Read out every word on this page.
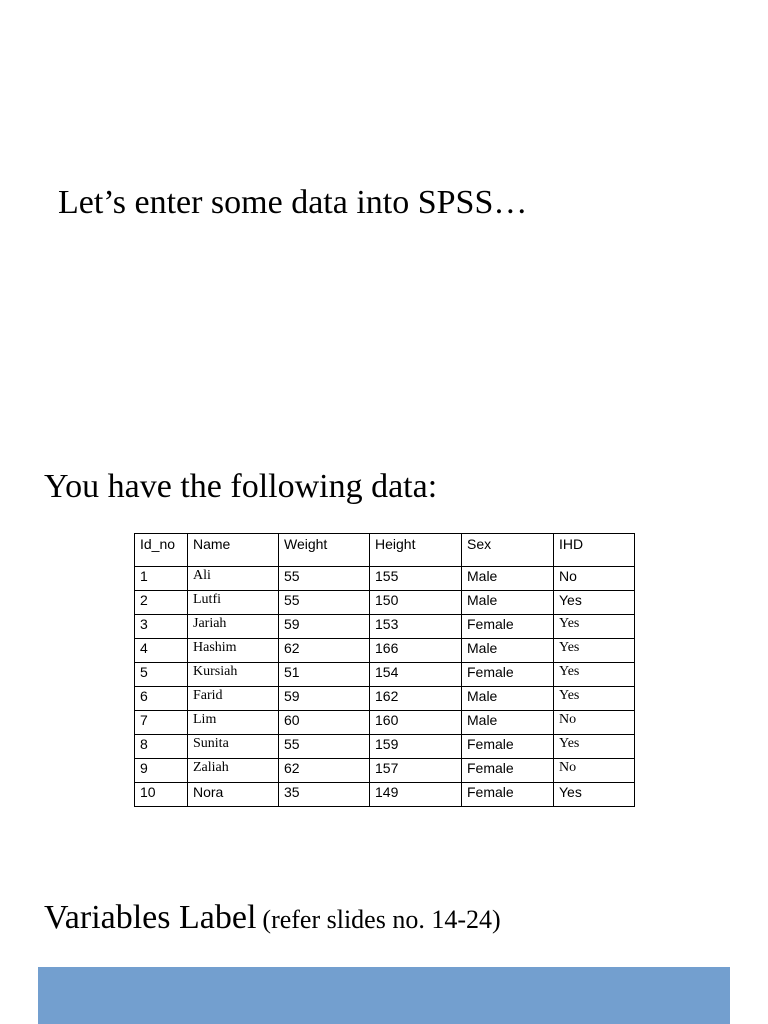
Let’s enter some data into SPSS…
You have the following data:
Id_no	Name	Weight	Height	Sex	IHD
1	Ali	55	155	Male	No
2	Lutfi	55	150	Male	Yes
3	Jariah	59	153	Female	Yes
4	Hashim	62	166	Male	Yes
5	Kursiah	51	154	Female	Yes
6	Farid	59	162	Male	Yes
7	Lim	60	160	Male	No
8	Sunita	55	159	Female	Yes
9	Zaliah	62	157	Female	No
10	Nora	35	149	Female	Yes
Variables Label (refer slides no. 14-24)
